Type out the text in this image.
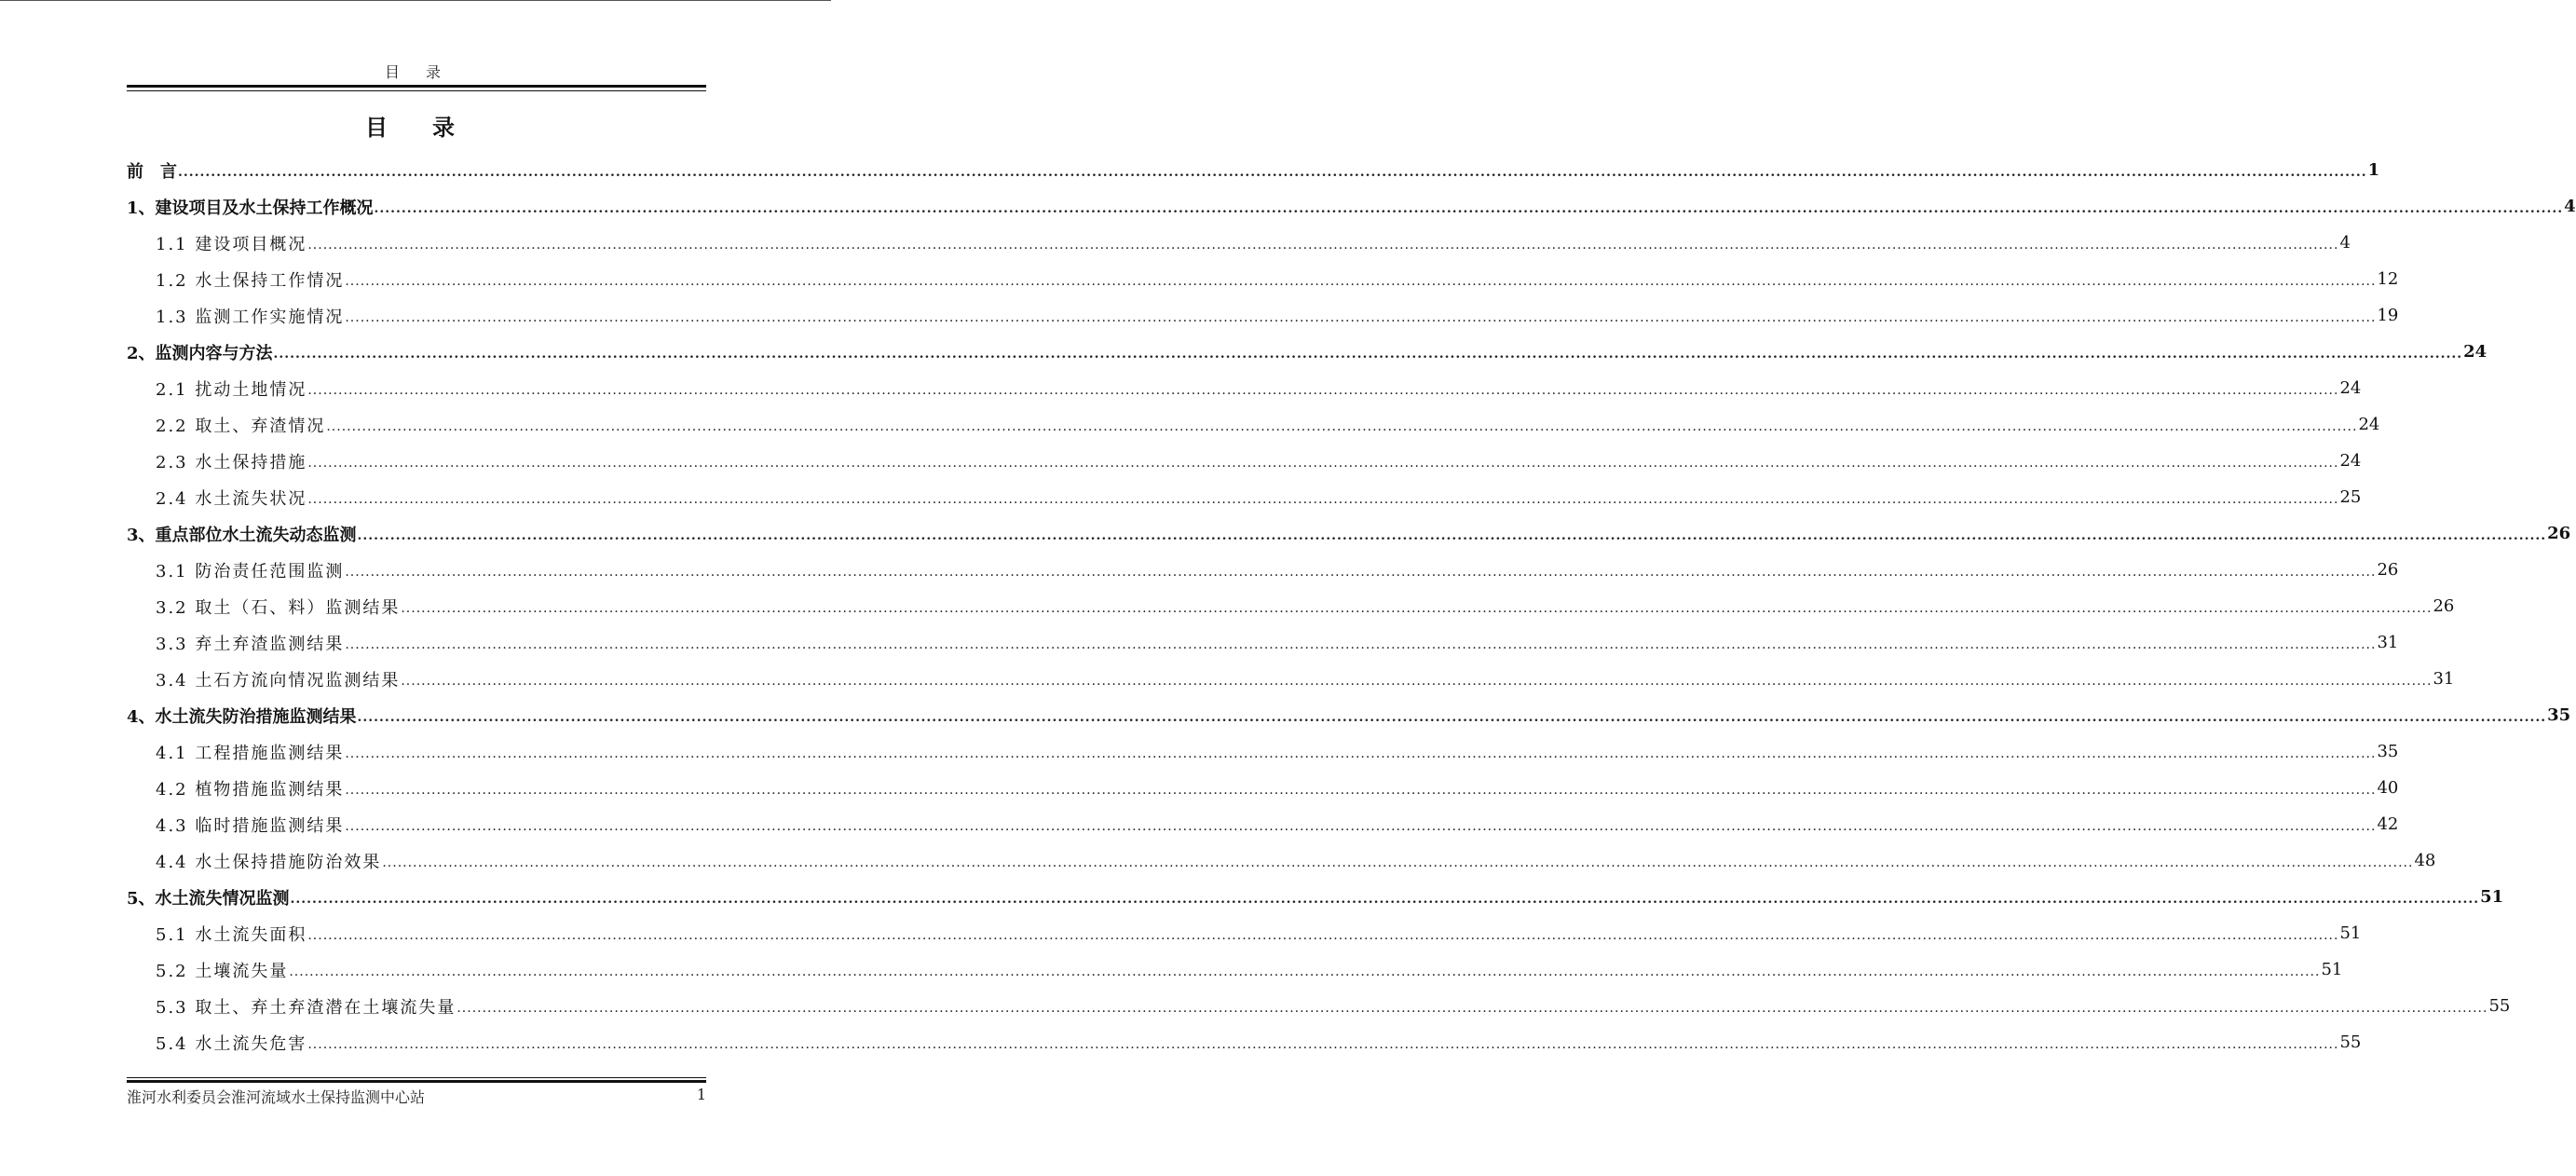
目　录
目　录
前　言 ................................................................................................................................................................................................................................................................................................................................................................................................................ 1
1、建设项目及水土保持工作概况 ................................................................................................................................................................................................................................................................................................................................................................................................................ 4
1.1 建设项目概况 ................................................................................................................................................................................................................................................................................................................................................................................................................ 4
1.2 水土保持工作情况 ................................................................................................................................................................................................................................................................................................................................................................................................................ 12
1.3 监测工作实施情况 ................................................................................................................................................................................................................................................................................................................................................................................................................ 19
2、监测内容与方法 ................................................................................................................................................................................................................................................................................................................................................................................................................ 24
2.1 扰动土地情况 ................................................................................................................................................................................................................................................................................................................................................................................................................ 24
2.2 取土、弃渣情况 ................................................................................................................................................................................................................................................................................................................................................................................................................ 24
2.3 水土保持措施 ................................................................................................................................................................................................................................................................................................................................................................................................................ 24
2.4 水土流失状况 ................................................................................................................................................................................................................................................................................................................................................................................................................ 25
3、重点部位水土流失动态监测 ................................................................................................................................................................................................................................................................................................................................................................................................................ 26
3.1 防治责任范围监测 ................................................................................................................................................................................................................................................................................................................................................................................................................ 26
3.2 取土（石、料）监测结果 ................................................................................................................................................................................................................................................................................................................................................................................................................ 26
3.3 弃土弃渣监测结果 ................................................................................................................................................................................................................................................................................................................................................................................................................ 31
3.4 土石方流向情况监测结果 ................................................................................................................................................................................................................................................................................................................................................................................................................ 31
4、水土流失防治措施监测结果 ................................................................................................................................................................................................................................................................................................................................................................................................................ 35
4.1 工程措施监测结果 ................................................................................................................................................................................................................................................................................................................................................................................................................ 35
4.2 植物措施监测结果 ................................................................................................................................................................................................................................................................................................................................................................................................................ 40
4.3 临时措施监测结果 ................................................................................................................................................................................................................................................................................................................................................................................................................ 42
4.4 水土保持措施防治效果 ................................................................................................................................................................................................................................................................................................................................................................................................................ 48
5、水土流失情况监测 ................................................................................................................................................................................................................................................................................................................................................................................................................ 51
5.1 水土流失面积 ................................................................................................................................................................................................................................................................................................................................................................................................................ 51
5.2 土壤流失量 ................................................................................................................................................................................................................................................................................................................................................................................................................ 51
5.3 取土、弃土弃渣潜在土壤流失量 ................................................................................................................................................................................................................................................................................................................................................................................................................ 55
5.4 水土流失危害 ................................................................................................................................................................................................................................................................................................................................................................................................................ 55
淮河水利委员会淮河流域水土保持监测中心站	1
